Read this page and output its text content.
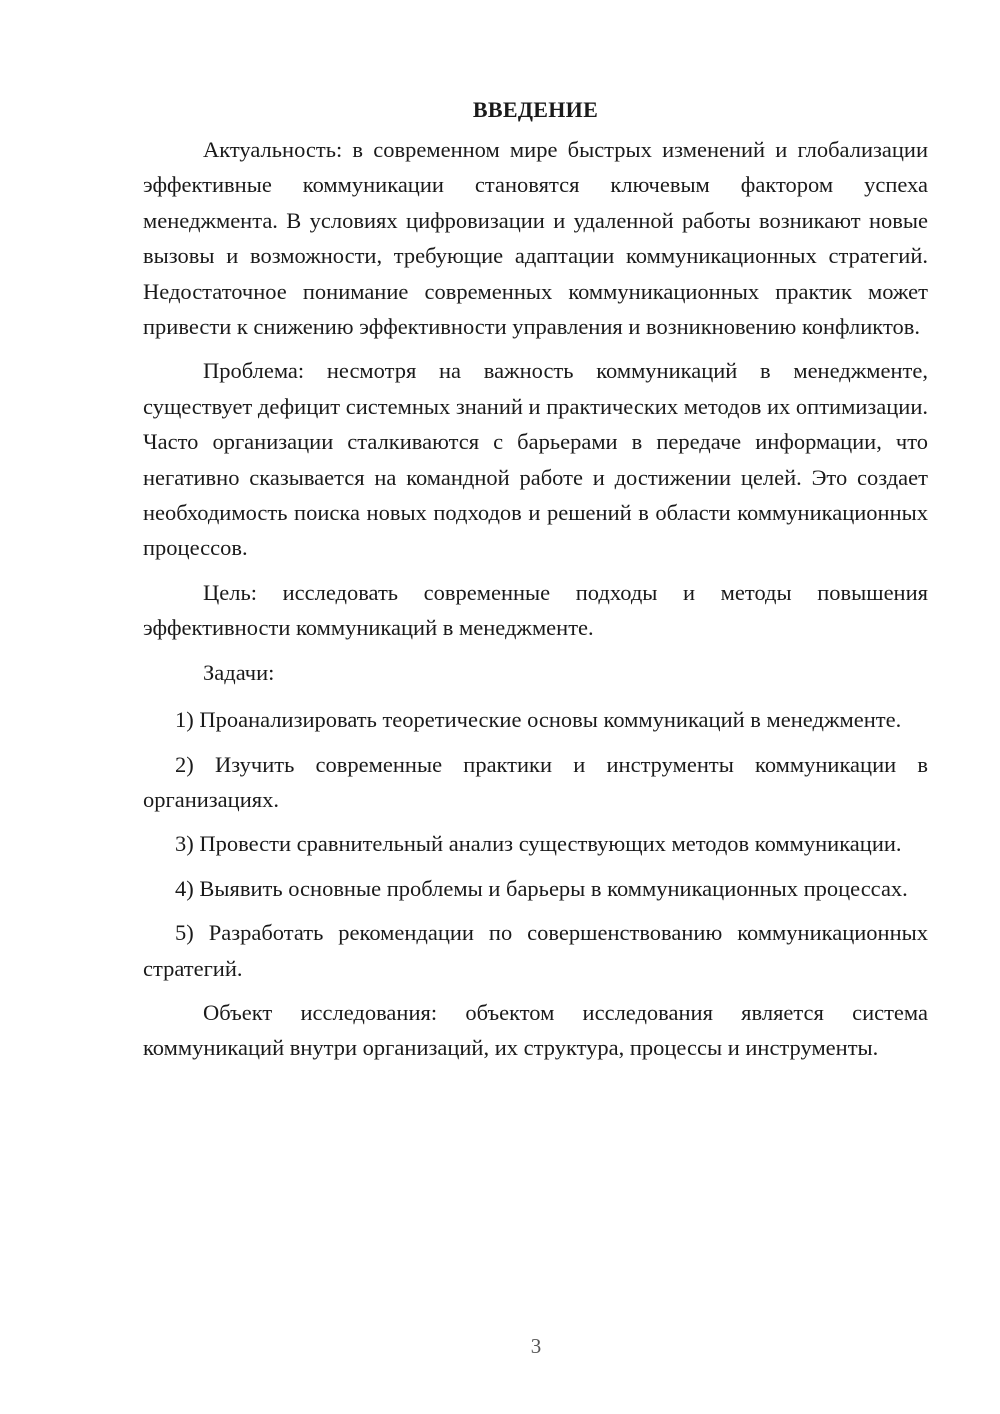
ВВЕДЕНИЕ

Актуальность: в современном мире быстрых изменений и глобализации эффективные коммуникации становятся ключевым фактором успеха менеджмента. В условиях цифровизации и удаленной работы возникают новые вызовы и возможности, требующие адаптации коммуникационных стратегий. Недостаточное понимание современных коммуникационных практик может привести к снижению эффективности управления и возникновению конфликтов.

Проблема: несмотря на важность коммуникаций в менеджменте, существует дефицит системных знаний и практических методов их оптимизации. Часто организации сталкиваются с барьерами в передаче информации, что негативно сказывается на командной работе и достижении целей. Это создает необходимость поиска новых подходов и решений в области коммуникационных процессов.

Цель: исследовать современные подходы и методы повышения эффективности коммуникаций в менеджменте.

Задачи:

1) Проанализировать теоретические основы коммуникаций в менеджменте.

2) Изучить современные практики и инструменты коммуникации в организациях.

3) Провести сравнительный анализ существующих методов коммуникации.

4) Выявить основные проблемы и барьеры в коммуникационных процессах.

5) Разработать рекомендации по совершенствованию коммуникационных стратегий.

Объект исследования: объектом исследования является система коммуникаций внутри организаций, их структура, процессы и инструменты.

3
